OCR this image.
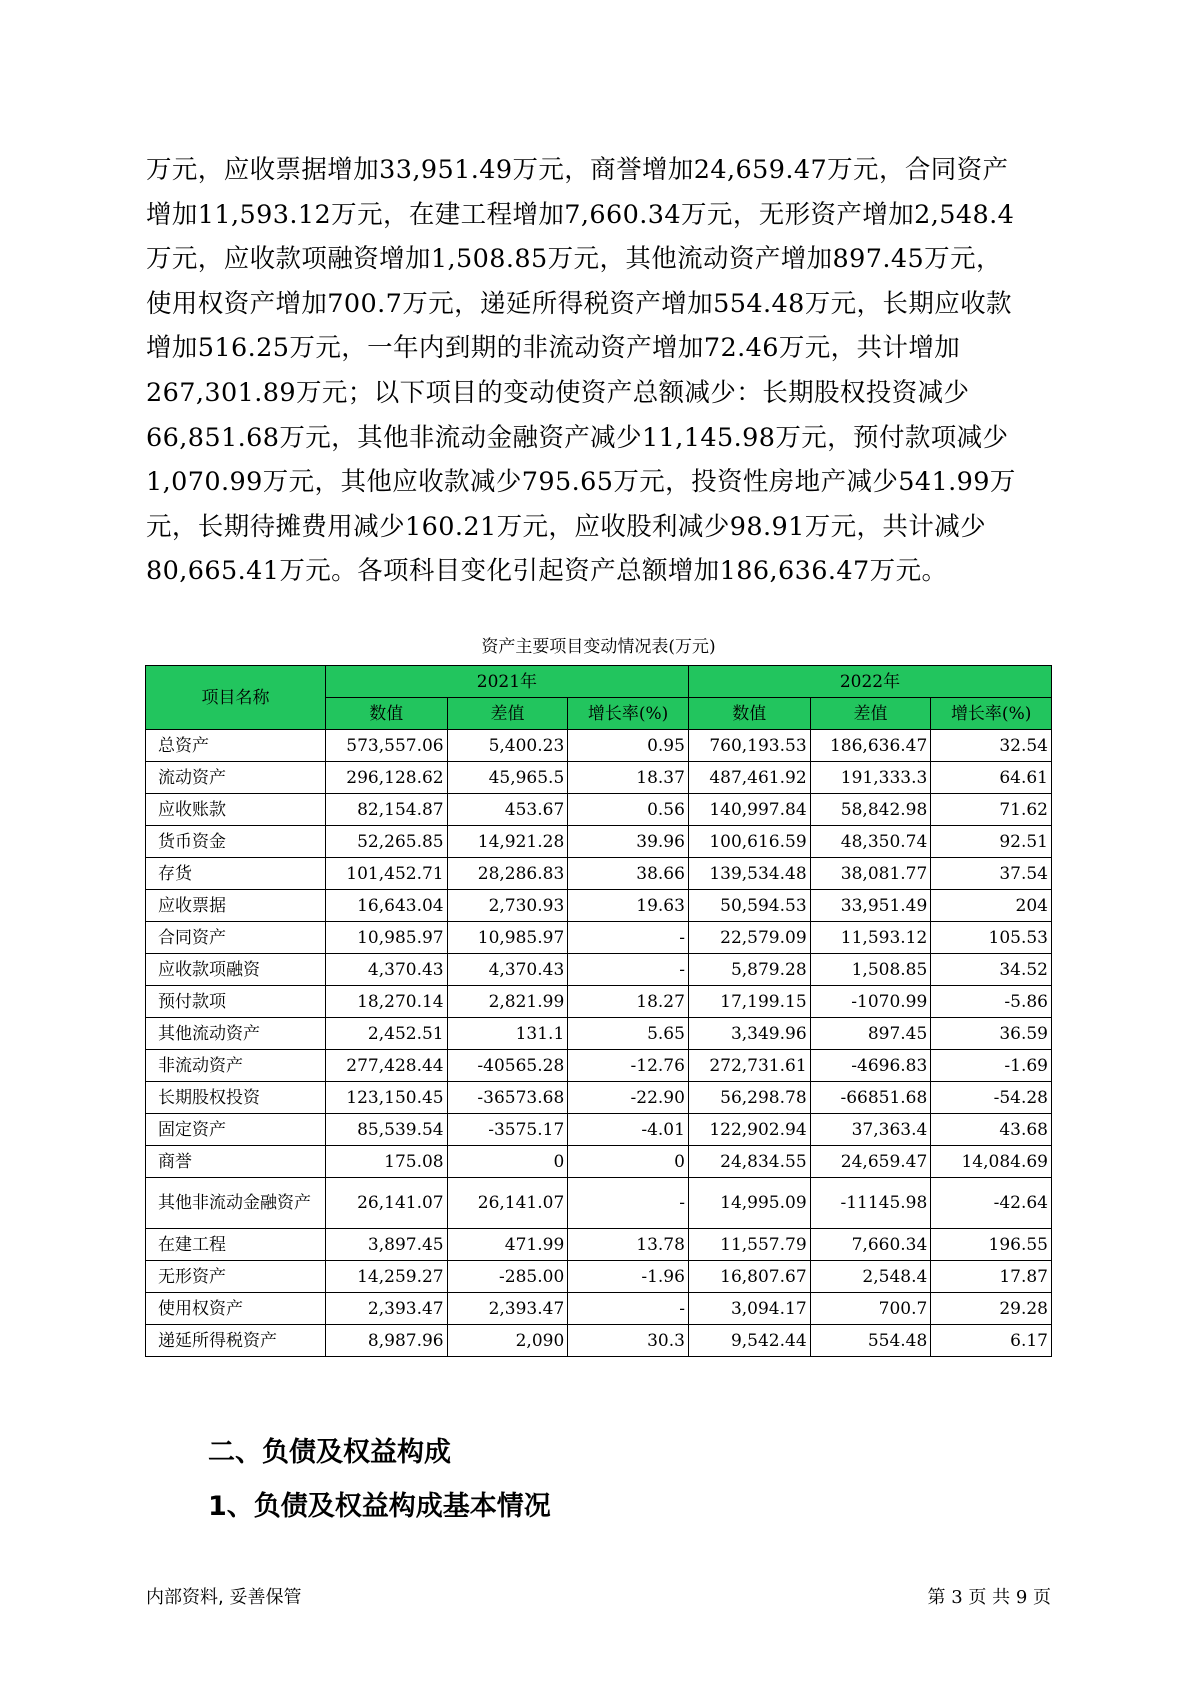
万元，应收票据增加33,951.49万元，商誉增加24,659.47万元，合同资产
增加11,593.12万元，在建工程增加7,660.34万元，无形资产增加2,548.4
万元，应收款项融资增加1,508.85万元，其他流动资产增加897.45万元，
使用权资产增加700.7万元，递延所得税资产增加554.48万元，长期应收款
增加516.25万元，一年内到期的非流动资产增加72.46万元，共计增加
267,301.89万元；以下项目的变动使资产总额减少：长期股权投资减少
66,851.68万元，其他非流动金融资产减少11,145.98万元，预付款项减少
1,070.99万元，其他应收款减少795.65万元，投资性房地产减少541.99万
元，长期待摊费用减少160.21万元，应收股利减少98.91万元，共计减少
80,665.41万元。各项科目变化引起资产总额增加186,636.47万元。
资产主要项目变动情况表(万元)
项目名称	2021年			2022年		
	数值	差值	增长率(%)	数值	差值	增长率(%)
总资产	573,557.06	5,400.23	0.95	760,193.53	186,636.47	32.54
流动资产	296,128.62	45,965.5	18.37	487,461.92	191,333.3	64.61
应收账款	82,154.87	453.67	0.56	140,997.84	58,842.98	71.62
货币资金	52,265.85	14,921.28	39.96	100,616.59	48,350.74	92.51
存货	101,452.71	28,286.83	38.66	139,534.48	38,081.77	37.54
应收票据	16,643.04	2,730.93	19.63	50,594.53	33,951.49	204
合同资产	10,985.97	10,985.97	-	22,579.09	11,593.12	105.53
应收款项融资	4,370.43	4,370.43	-	5,879.28	1,508.85	34.52
预付款项	18,270.14	2,821.99	18.27	17,199.15	-1070.99	-5.86
其他流动资产	2,452.51	131.1	5.65	3,349.96	897.45	36.59
非流动资产	277,428.44	-40565.28	-12.76	272,731.61	-4696.83	-1.69
长期股权投资	123,150.45	-36573.68	-22.90	56,298.78	-66851.68	-54.28
固定资产	85,539.54	-3575.17	-4.01	122,902.94	37,363.4	43.68
商誉	175.08	0	0	24,834.55	24,659.47	14,084.69
其他非流动金融资产	26,141.07	26,141.07	-	14,995.09	-11145.98	-42.64
在建工程	3,897.45	471.99	13.78	11,557.79	7,660.34	196.55
无形资产	14,259.27	-285.00	-1.96	16,807.67	2,548.4	17.87
使用权资产	2,393.47	2,393.47	-	3,094.17	700.7	29.28
递延所得税资产	8,987.96	2,090	30.3	9,542.44	554.48	6.17
二、负债及权益构成
1、负债及权益构成基本情况
内部资料, 妥善保管	第 3 页 共 9 页
